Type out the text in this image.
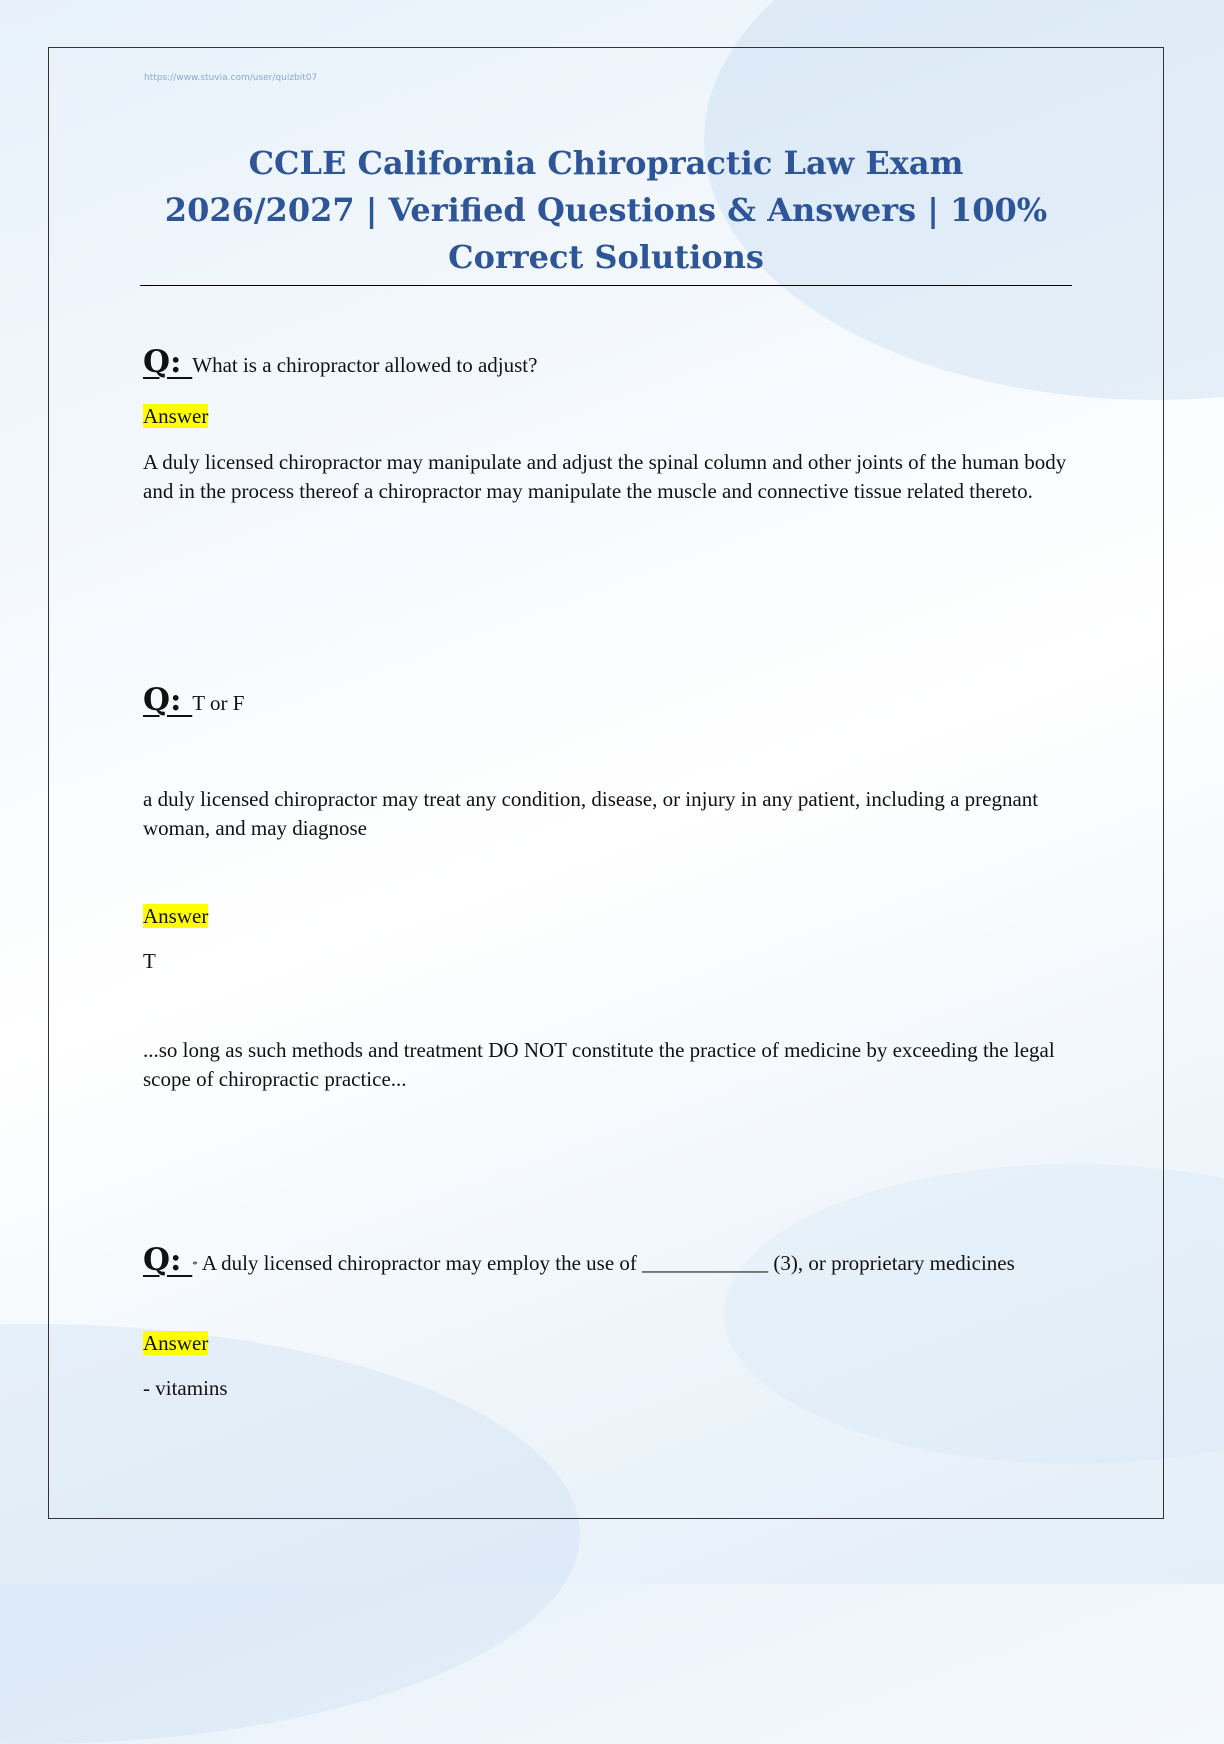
https://www.stuvia.com/user/quizbit07
CCLE California Chiropractic Law Exam
2026/2027 | Verified Questions & Answers | 100%
Correct Solutions

Q: What is a chiropractor allowed to adjust?

Answer

A duly licensed chiropractor may manipulate and adjust the spinal column and other joints of the human body and in the process thereof a chiropractor may manipulate the muscle and connective tissue related thereto.

Q: T or F

a duly licensed chiropractor may treat any condition, disease, or injury in any patient, including a pregnant woman, and may diagnose

Answer

T

...so long as such methods and treatment DO NOT constitute the practice of medicine by exceeding the legal scope of chiropractic practice...

Q: * A duly licensed chiropractor may employ the use of ____________ (3), or proprietary medicines

Answer

- vitamins
